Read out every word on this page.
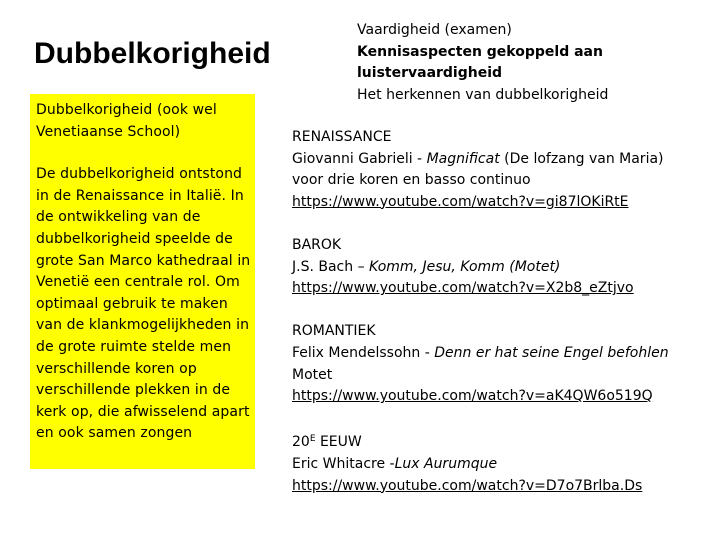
Dubbelkorigheid

Dubbelkorigheid (ook wel Venetiaanse School)

De dubbelkorigheid ontstond in de Renaissance in Italië. In de ontwikkeling van de dubbelkorigheid speelde de grote San Marco kathedraal in Venetië een centrale rol. Om optimaal gebruik te maken van de klankmogelijkheden in de grote ruimte stelde men verschillende koren op verschillende plekken in de kerk op, die afwisselend apart en ook samen zongen

Vaardigheid (examen)
Kennisaspecten gekoppeld aan
luistervaardigheid
Het herkennen van dubbelkorigheid
RENAISSANCE
Giovanni Gabrieli - Magnificat (De lofzang van Maria)
voor drie koren en basso continuo
https://www.youtube.com/watch?v=gi87lOKiRtE
BAROK
J.S. Bach – Komm, Jesu, Komm (Motet)
https://www.youtube.com/watch?v=X2b8_eZtjvo
ROMANTIEK
Felix Mendelssohn - Denn er hat seine Engel befohlen
Motet
https://www.youtube.com/watch?v=aK4QW6o519Q
$20^E$ EEUW
Eric Whitacre -Lux Aurumque
https://www.youtube.com/watch?v=D7o7Brlba.Ds
